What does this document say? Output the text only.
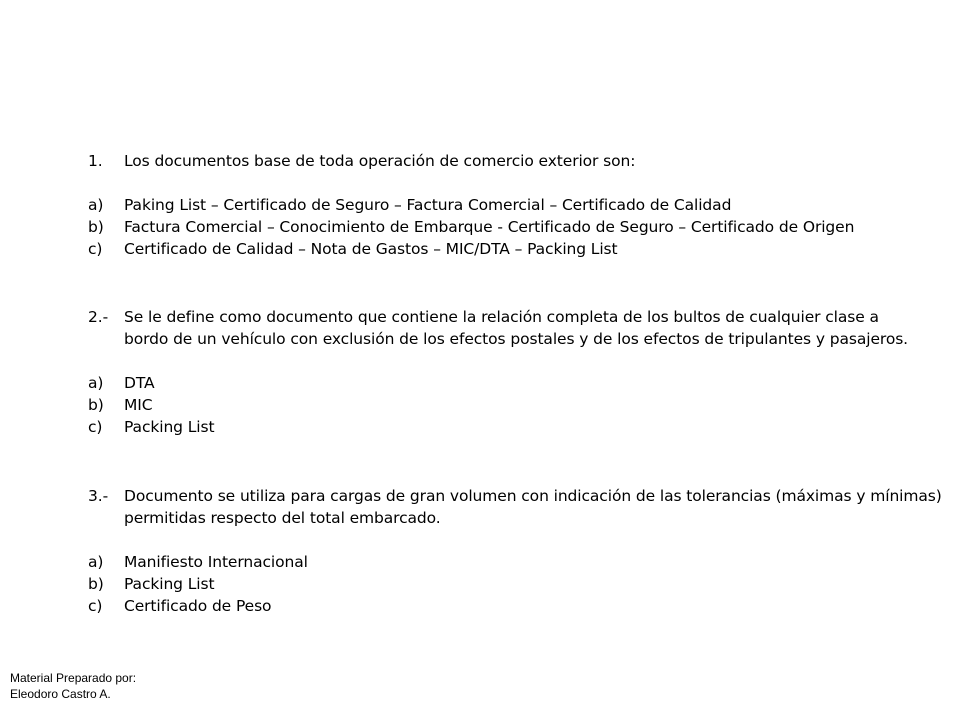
1.	Los documentos base de toda operación de comercio exterior son:
a)	Paking List – Certificado de Seguro – Factura Comercial – Certificado de Calidad
b)	Factura Comercial – Conocimiento de Embarque - Certificado de Seguro – Certificado de Origen
c)	Certificado de Calidad – Nota de Gastos – MIC/DTA – Packing List
2.-	Se le define como documento que contiene la relación completa de los bultos de cualquier clase a
bordo de un vehículo con exclusión de los efectos postales y de los efectos de tripulantes y pasajeros.
a)	DTA
b)	MIC
c)	Packing List
3.-	Documento se utiliza para cargas de gran volumen con indicación de las tolerancias (máximas y mínimas)
permitidas respecto del total embarcado.
a)	Manifiesto Internacional
b)	Packing List
c)	Certificado de Peso
Material Preparado por:
Eleodoro Castro A.
